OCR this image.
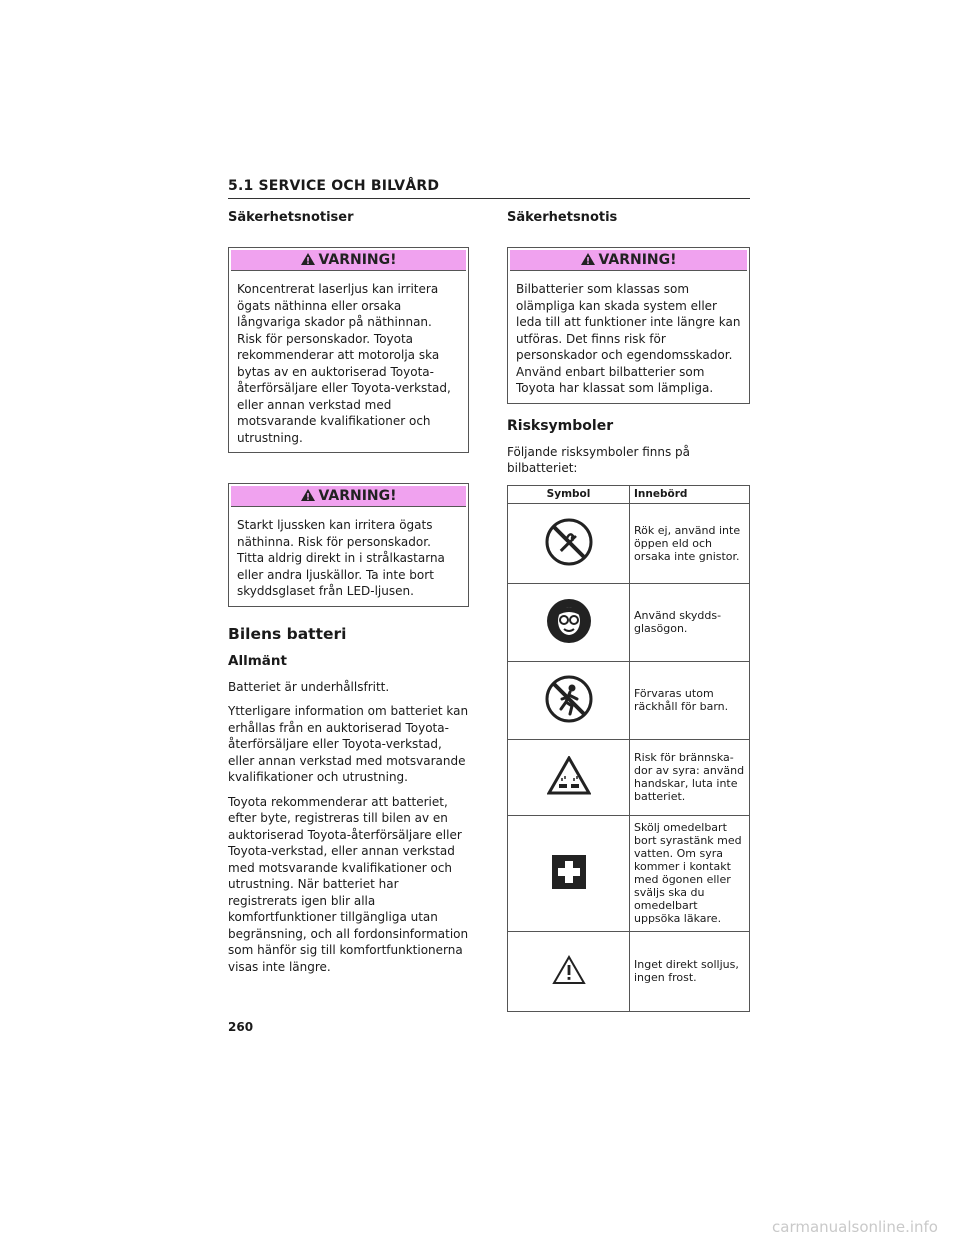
5.1 SERVICE OCH BILVÅRD
Säkerhetsnotiser
VARNING!
Koncentrerat laserljus kan irritera ögats näthinna eller orsaka långvariga skador på näthinnan. Risk för personskador. Toyota rekommenderar att motorolja ska bytas av en auktoriserad Toyota-återförsäljare eller Toyota-verkstad, eller annan verkstad med motsvarande kvalifikationer och utrustning.
VARNING!
Starkt ljussken kan irritera ögats näthinna. Risk för personskador. Titta aldrig direkt in i strålkastarna eller andra ljuskällor. Ta inte bort skyddsglaset från LED-ljusen.
Bilens batteri
Allmänt

Batteriet är underhållsfritt.

Ytterligare information om batteriet kan erhållas från en auktoriserad Toyota-återförsäljare eller Toyota-verkstad, eller annan verkstad med motsvarande kvalifikationer och utrustning.

Toyota rekommenderar att batteriet, efter byte, registreras till bilen av en auktoriserad Toyota-återförsäljare eller Toyota-verkstad, eller annan verkstad med motsvarande kvalifikationer och utrustning. När batteriet har registrerats igen blir alla komfortfunktioner tillgängliga utan begränsning, och all fordonsinformation som hänför sig till komfortfunktionerna visas inte längre.

Säkerhetsnotis
VARNING!
Bilbatterier som klassas som olämpliga kan skada system eller leda till att funktioner inte längre kan utföras. Det finns risk för personskador och egendomsskador. Använd enbart bilbatterier som Toyota har klassat som lämpliga.
Risksymboler

Följande risksymboler finns på bilbatteriet:

Symbol	Innebörd
	Rök ej, använd inte öppen eld och orsaka inte gnistor.
	Använd skydds-glasögon.
	Förvaras utom räckhåll för barn.
	Risk för brännska-dor av syra: använd handskar, luta inte batteriet.
	Skölj omedelbart bort syrastänk med vatten. Om syra kommer i kontakt med ögonen eller sväljs ska du omedelbart uppsöka läkare.
	Inget direkt solljus, ingen frost.
260
carmanualsonline.info
